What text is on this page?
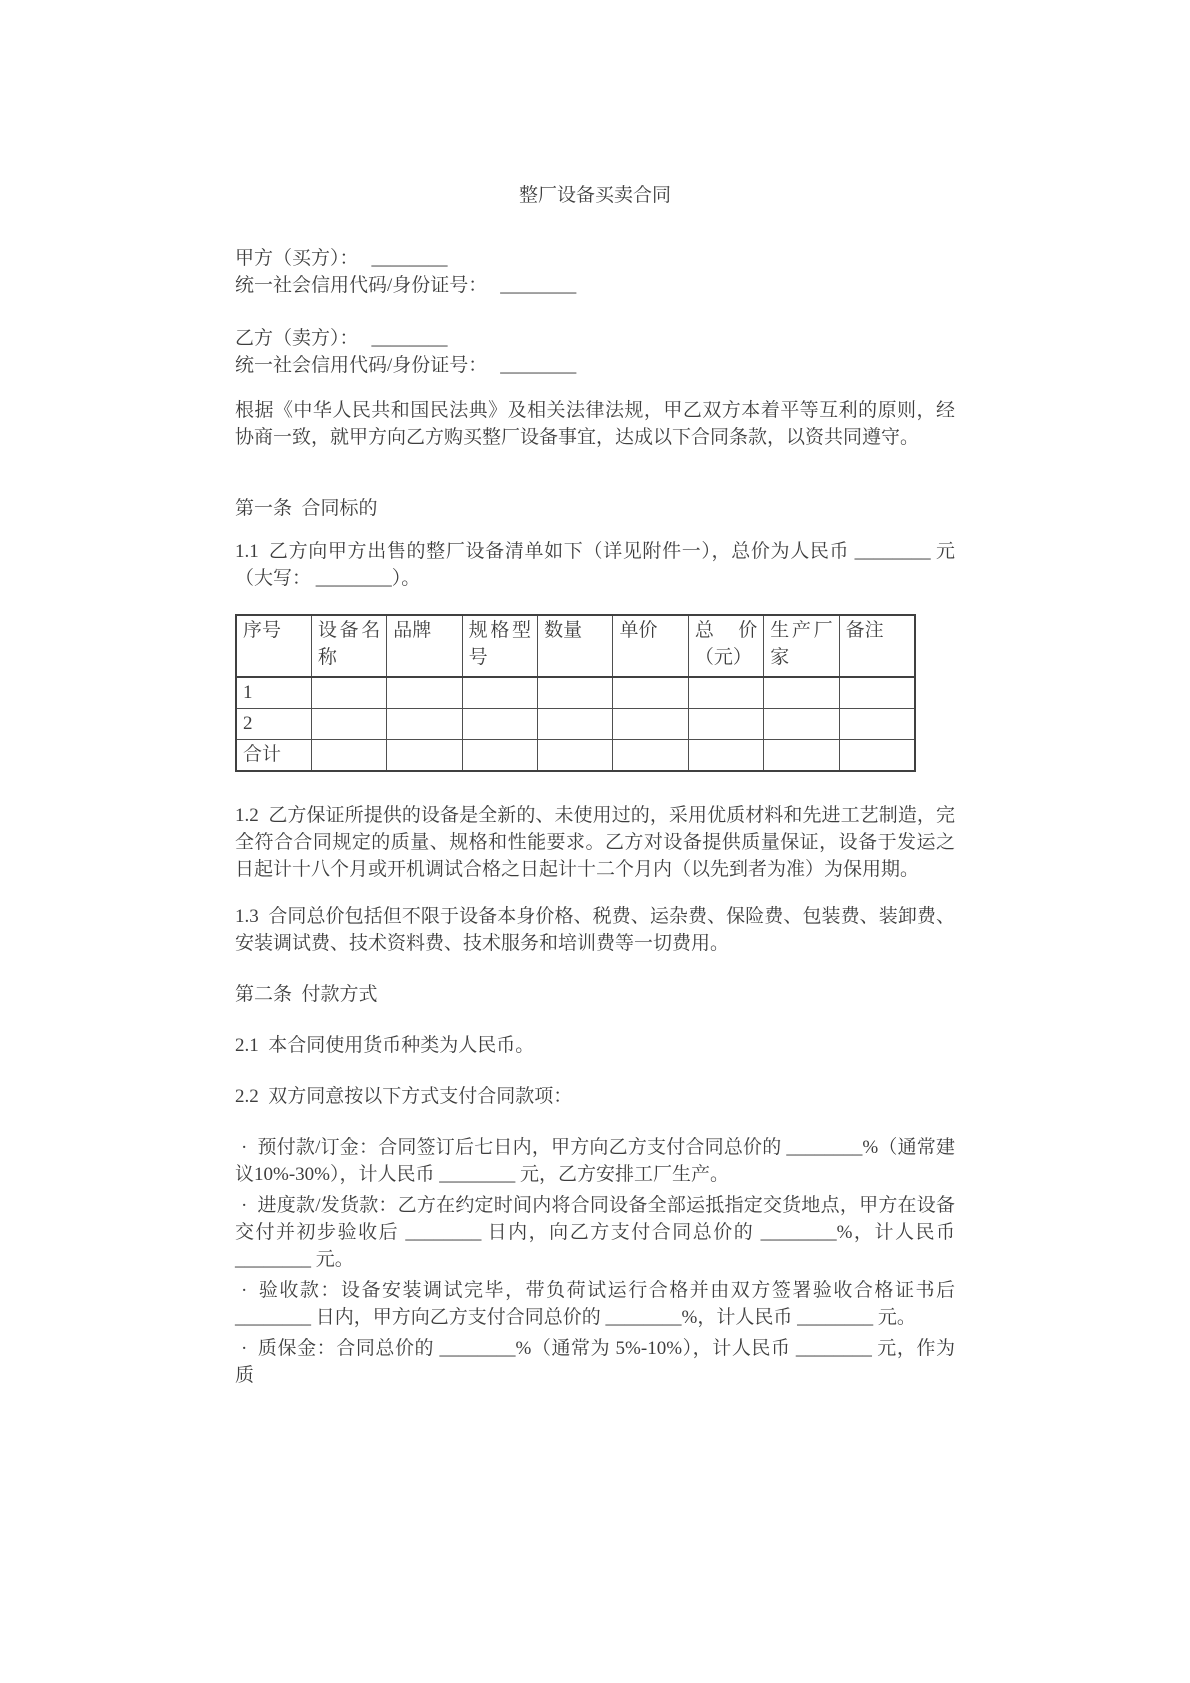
整厂设备买卖合同

甲方（买方）： ________

统一社会信用代码/身份证号： ________

乙方（卖方）： ________

统一社会信用代码/身份证号： ________

根据《中华人民共和国民法典》及相关法律法规，甲乙双方本着平等互利的原则，经协商一致，就甲方向乙方购买整厂设备事宜，达成以下合同条款，以资共同遵守。

第一条 合同标的

1.1 乙方向甲方出售的整厂设备清单如下（详见附件一），总价为人民币 ________ 元（大写： ________）。

序号	设备名称	品牌	规格型号	数量	单价	总　价（元）	生产厂家	备注
1								
2								
合计								

1.2 乙方保证所提供的设备是全新的、未使用过的，采用优质材料和先进工艺制造，完全符合合同规定的质量、规格和性能要求。乙方对设备提供质量保证，设备于发运之日起计十八个月或开机调试合格之日起计十二个月内（以先到者为准）为保用期。

1.3 合同总价包括但不限于设备本身价格、税费、运杂费、保险费、包装费、装卸费、安装调试费、技术资料费、技术服务和培训费等一切费用。

第二条 付款方式

2.1 本合同使用货币种类为人民币。

2.2 双方同意按以下方式支付合同款项：

· 预付款/订金：合同签订后七日内，甲方向乙方支付合同总价的 ________%（通常建议10%-30%），计人民币 ________ 元，乙方安排工厂生产。

· 进度款/发货款：乙方在约定时间内将合同设备全部运抵指定交货地点，甲方在设备交付并初步验收后 ________ 日内，向乙方支付合同总价的 ________%，计人民币 ________ 元。

· 验收款：设备安装调试完毕，带负荷试运行合格并由双方签署验收合格证书后 ________ 日内，甲方向乙方支付合同总价的 ________%，计人民币 ________ 元。

· 质保金：合同总价的 ________%（通常为 5%-10%），计人民币 ________ 元，作为质
